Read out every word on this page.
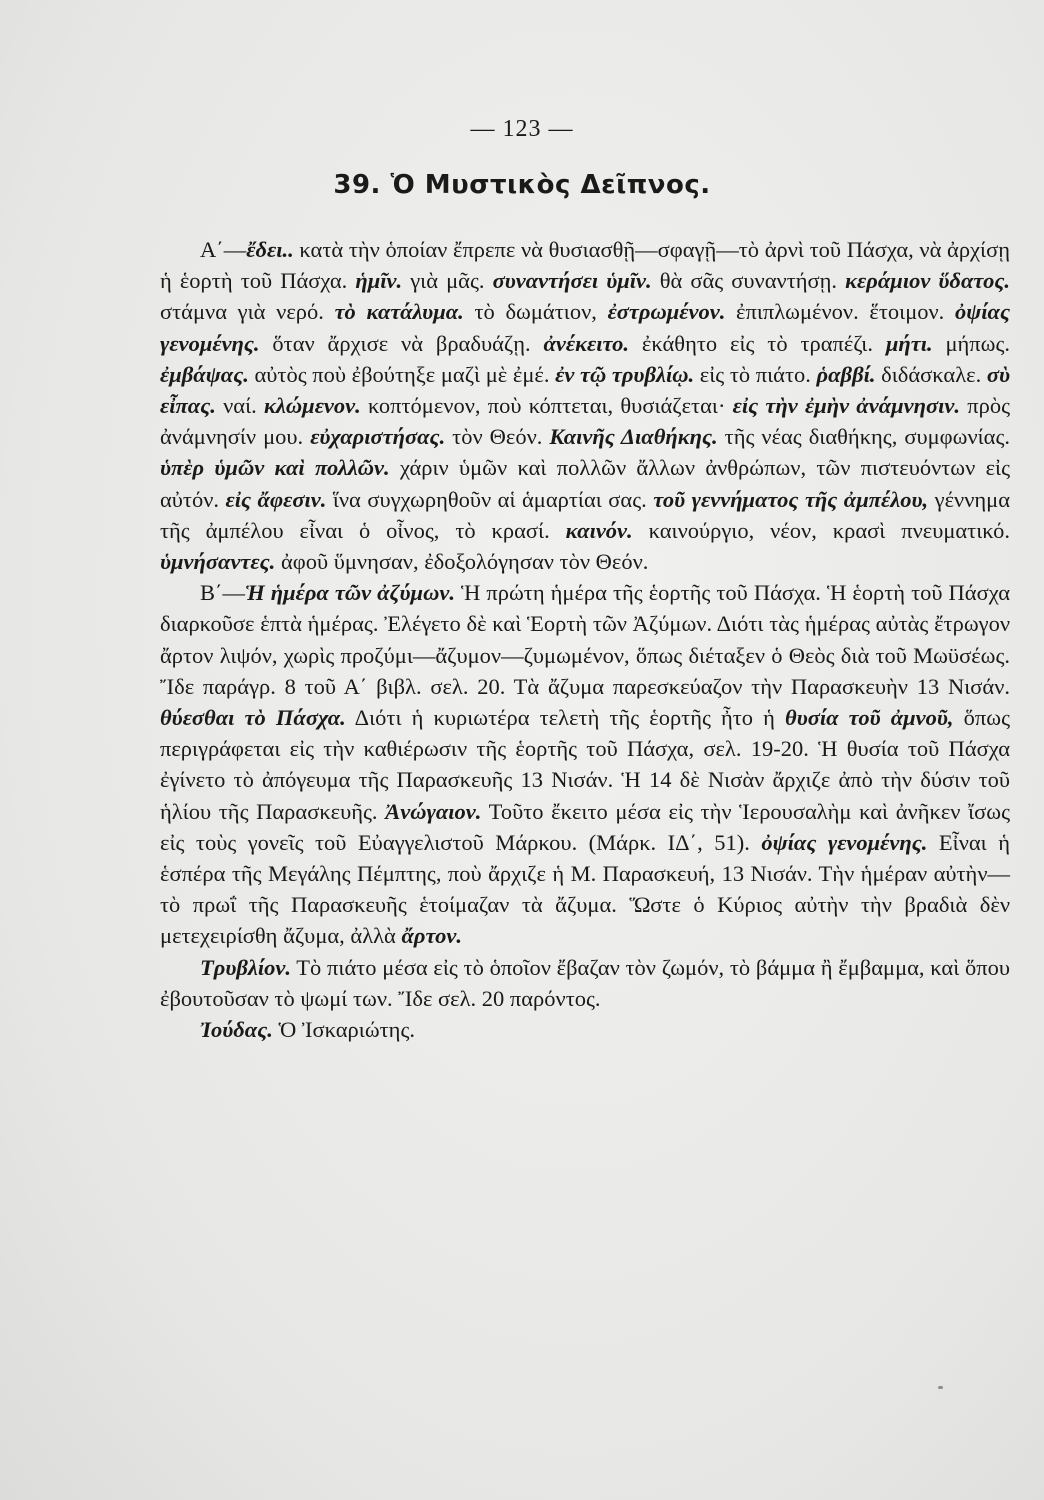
— 123 —
39. Ὁ Μυστικὸς Δεῖπνος.

Α΄—ἔδει.. κατὰ τὴν ὁποίαν ἔπρεπε νὰ θυσιασθῇ—σφαγῇ—τὸ ἀρνὶ τοῦ Πάσχα, νὰ ἀρχίσῃ ἡ ἑορτὴ τοῦ Πάσχα. ἡμῖν. γιὰ μᾶς. συναντήσει ὑμῖν. θὰ σᾶς συναντήσῃ. κεράμιον ὕδατος. στάμνα γιὰ νερό. τὸ κατάλυμα. τὸ δωμάτιον, ἐστρωμένον. ἐπιπλωμένον. ἕτοιμον. ὀψίας γενομένης. ὅταν ἄρχισε νὰ βραδυάζῃ. ἀνέκειτο. ἐκάθητο εἰς τὸ τραπέζι. μήτι. μήπως. ἐμβάψας. αὐτὸς ποὺ ἐβούτηξε μαζὶ μὲ ἐμέ. ἐν τῷ τρυβλίῳ. εἰς τὸ πιάτο. ῥαββί. διδάσκαλε. σὺ εἶπας. ναί. κλώμενον. κοπτόμενον, ποὺ κόπτεται, θυσιάζεται· εἰς τὴν ἐμὴν ἀνάμνησιν. πρὸς ἀνάμνησίν μου. εὐχαριστήσας. τὸν Θεόν. Καινῆς Διαθήκης. τῆς νέας διαθήκης, συμφωνίας. ὑπὲρ ὑμῶν καὶ πολλῶν. χάριν ὑμῶν καὶ πολλῶν ἄλλων ἀνθρώπων, τῶν πιστευόντων εἰς αὐτόν. εἰς ἄφεσιν. ἵνα συγχωρηθοῦν αἱ ἁμαρτίαι σας. τοῦ γεννήματος τῆς ἀμπέλου, γέννημα τῆς ἀμπέλου εἶναι ὁ οἶνος, τὸ κρασί. καινόν. καινούργιο, νέον, κρασὶ πνευματικό. ὑμνήσαντες. ἀφοῦ ὕμνησαν, ἐδοξολόγησαν τὸν Θεόν.

Β΄—Ἡ ἡμέρα τῶν ἀζύμων. Ἡ πρώτη ἡμέρα τῆς ἑορτῆς τοῦ Πάσχα. Ἡ ἑορτὴ τοῦ Πάσχα διαρκοῦσε ἑπτὰ ἡμέρας. Ἐλέγετο δὲ καὶ Ἑορτὴ τῶν Ἀζύμων. Διότι τὰς ἡμέρας αὐτὰς ἔτρωγον ἄρτον λιψόν, χωρὶς προζύμι—ἄζυμον—ζυμωμένον, ὅπως διέταξεν ὁ Θεὸς διὰ τοῦ Μωϋσέως. Ἴδε παράγρ. 8 τοῦ Α΄ βιβλ. σελ. 20. Τὰ ἄζυμα παρεσκεύαζον τὴν Παρασκευὴν 13 Νισάν. θύεσθαι τὸ Πάσχα. Διότι ἡ κυριωτέρα τελετὴ τῆς ἑορτῆς ἦτο ἡ θυσία τοῦ ἀμνοῦ, ὅπως περιγράφεται εἰς τὴν καθιέρωσιν τῆς ἑορτῆς τοῦ Πάσχα, σελ. 19-20. Ἡ θυσία τοῦ Πάσχα ἐγίνετο τὸ ἀπόγευμα τῆς Παρασκευῆς 13 Νισάν. Ἡ 14 δὲ Νισὰν ἄρχιζε ἀπὸ τὴν δύσιν τοῦ ἡλίου τῆς Παρασκευῆς. Ἀνώγαιον. Τοῦτο ἔκειτο μέσα εἰς τὴν Ἱερουσαλὴμ καὶ ἀνῆκεν ἴσως εἰς τοὺς γονεῖς τοῦ Εὐαγγελιστοῦ Μάρκου. (Μάρκ. ΙΔ΄, 51). ὀψίας γενομένης. Εἶναι ἡ ἑσπέρα τῆς Μεγάλης Πέμπτης, ποὺ ἄρχιζε ἡ Μ. Παρασκευή, 13 Νισάν. Τὴν ἡμέραν αὐτὴν—τὸ πρωΐ τῆς Παρασκευῆς ἑτοίμαζαν τὰ ἄζυμα. Ὥστε ὁ Κύριος αὐτὴν τὴν βραδιὰ δὲν μετεχειρίσθη ἄζυμα, ἀλλὰ ἄρτον.

Τρυβλίον. Τὸ πιάτο μέσα εἰς τὸ ὁποῖον ἔβαζαν τὸν ζωμόν, τὸ βάμμα ἢ ἔμβαμμα, καὶ ὅπου ἐβουτοῦσαν τὸ ψωμί των. Ἴδε σελ. 20 παρόντος.

Ἰούδας. Ὁ Ἰσκαριώτης.
